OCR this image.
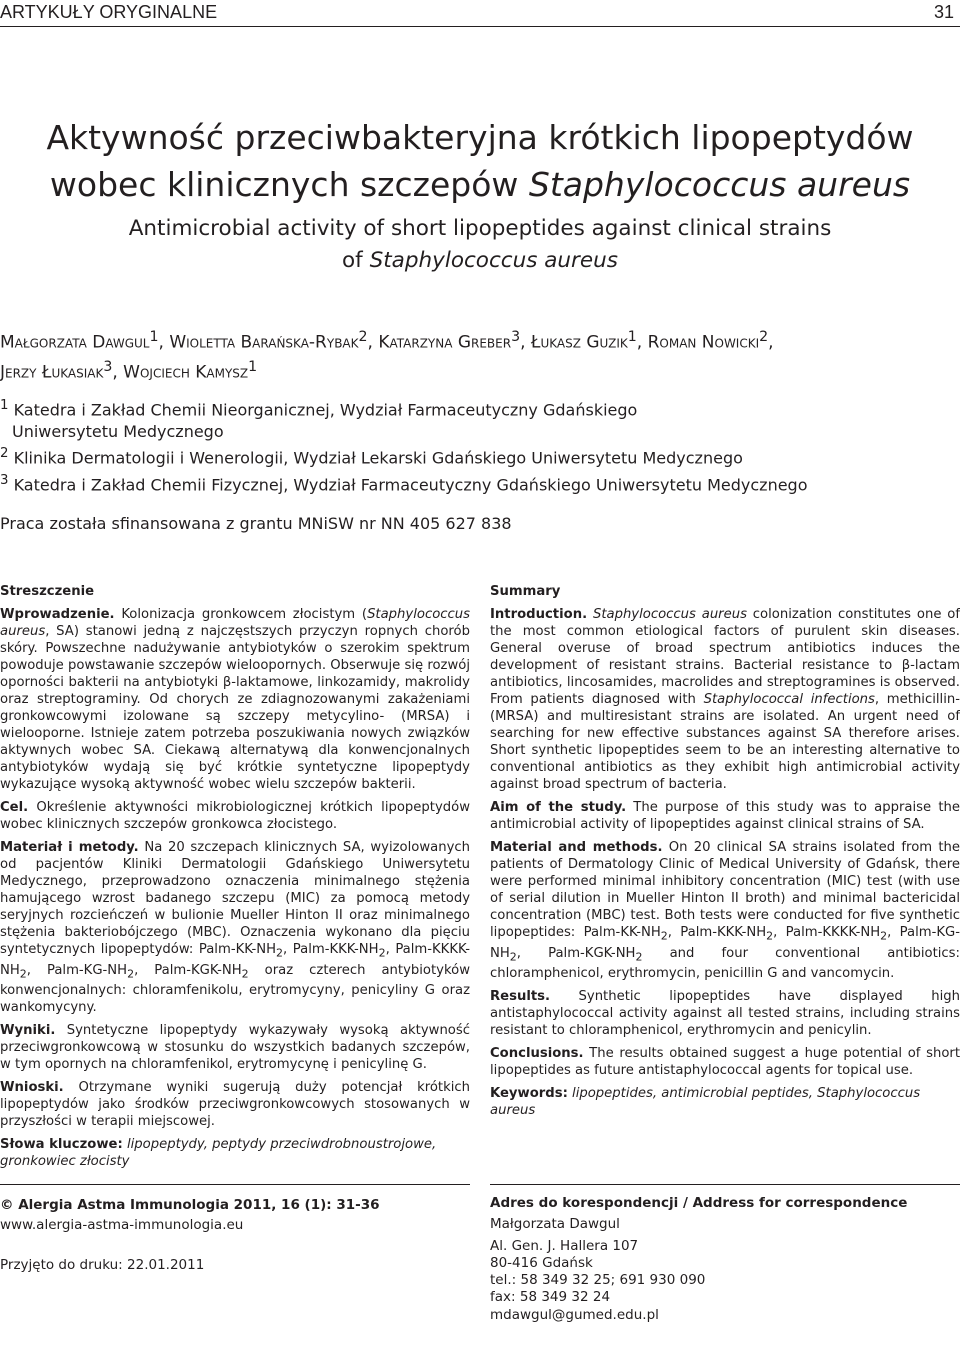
ARTYKUŁY ORYGINALNE	31
Aktywność przeciwbakteryjna krótkich lipopeptydów
wobec klinicznych szczepów Staphylococcus aureus
Antimicrobial activity of short lipopeptides against clinical strains
of Staphylococcus aureus
Małgorzata Dawgul$^1$, Wioletta Barańska-Rybak$^2$, Katarzyna Greber$^3$, Łukasz Guzik$^1$, Roman Nowicki$^2$,
Jerzy Łukasiak$^3$, Wojciech Kamysz$^1$
$^1$ Katedra i Zakład Chemii Nieorganicznej, Wydział Farmaceutyczny Gdańskiego
Uniwersytetu Medycznego
$^2$ Klinika Dermatologii i Wenerologii, Wydział Lekarski Gdańskiego Uniwersytetu Medycznego
$^3$ Katedra i Zakład Chemii Fizycznej, Wydział Farmaceutyczny Gdańskiego Uniwersytetu Medycznego
Praca została sfinansowana z grantu MNiSW nr NN 405 627 838
Streszczenie

Wprowadzenie. Kolonizacja gronkowcem złocistym (Staphylococcus aureus, SA) stanowi jedną z najczęstszych przyczyn ropnych chorób skóry. Powszechne nadużywanie antybiotyków o szerokim spektrum powoduje powstawanie szczepów wieloopornych. Obserwuje się rozwój oporności bakterii na antybiotyki β-laktamowe, linkozamidy, makrolidy oraz streptograminy. Od chorych ze zdiagnozowanymi zakażeniami gronkowcowymi izolowane są szczepy metycylino- (MRSA) i wielooporne. Istnieje zatem potrzeba poszukiwania nowych związków aktywnych wobec SA. Ciekawą alternatywą dla konwencjonalnych antybiotyków wydają się być krótkie syntetyczne lipopeptydy wykazujące wysoką aktywność wobec wielu szczepów bakterii.

Cel. Określenie aktywności mikrobiologicznej krótkich lipopeptydów wobec klinicznych szczepów gronkowca złocistego.

Materiał i metody. Na 20 szczepach klinicznych SA, wyizolowanych od pacjentów Kliniki Dermatologii Gdańskiego Uniwersytetu Medycznego, przeprowadzono oznaczenia minimalnego stężenia hamującego wzrost badanego szczepu (MIC) za pomocą metody seryjnych rozcieńczeń w bulionie Mueller Hinton II oraz minimalnego stężenia bakteriobójczego (MBC). Oznaczenia wykonano dla pięciu syntetycznych lipopeptydów: Palm-$KK-NH_2$, Palm-$KKK-NH_2$, Palm-$KKKK-NH_2$, Palm-$KG-NH_2$, Palm-$KGK-NH_2$ oraz czterech antybiotyków konwencjonalnych: chloramfenikolu, erytromycyny, penicyliny G oraz wankomycyny.

Wyniki. Syntetyczne lipopeptydy wykazywały wysoką aktywność przeciwgronkowcową w stosunku do wszystkich badanych szczepów, w tym opornych na chloramfenikol, erytromycynę i penicylinę G.

Wnioski. Otrzymane wyniki sugerują duży potencjał krótkich lipopeptydów jako środków przeciwgronkowcowych stosowanych w przyszłości w terapii miejscowej.

Słowa kluczowe: lipopeptydy, peptydy przeciwdrobnoustrojowe, gronkowiec złocisty

Summary

Introduction. Staphylococcus aureus colonization constitutes one of the most common etiological factors of purulent skin diseases. General overuse of broad spectrum antibiotics induces the development of resistant strains. Bacterial resistance to β-lactam antibiotics, lincosamides, macrolides and streptogramines is observed. From patients diagnosed with Staphylococcal infections, methicillin- (MRSA) and multiresistant strains are isolated. An urgent need of searching for new effective substances against SA therefore arises. Short synthetic lipopeptides seem to be an interesting alternative to conventional antibiotics as they exhibit high antimicrobial activity against broad spectrum of bacteria.

Aim of the study. The purpose of this study was to appraise the antimicrobial activity of lipopeptides against clinical strains of SA.

Material and methods. On 20 clinical SA strains isolated from the patients of Dermatology Clinic of Medical University of Gdańsk, there were performed minimal inhibitory concentration (MIC) test (with use of serial dilution in Mueller Hinton II broth) and minimal bactericidal concentration (MBC) test. Both tests were conducted for five synthetic lipopeptides: Palm-$KK-NH_2$, Palm-$KKK-NH_2$, Palm-$KKKK-NH_2$, Palm-$KG-NH_2$, Palm-$KGK-NH_2$ and four conventional antibiotics: chloramphenicol, erythromycin, penicillin G and vancomycin.

Results. Synthetic lipopeptides have displayed high antistaphylococcal activity against all tested strains, including strains resistant to chloramphenicol, erythromycin and penicylin.

Conclusions. The results obtained suggest a huge potential of short lipopeptides as future antistaphylococcal agents for topical use.

Keywords: lipopeptides, antimicrobial peptides, Staphylococcus aureus

© Alergia Astma Immunologia 2011, 16 (1): 31-36
www.alergia-astma-immunologia.eu
Przyjęto do druku: 22.01.2011
Adres do korespondencji / Address for correspondence
Małgorzata Dawgul
Al. Gen. J. Hallera 107
80-416 Gdańsk
tel.: 58 349 32 25; 691 930 090
fax: 58 349 32 24
mdawgul@gumed.edu.pl
